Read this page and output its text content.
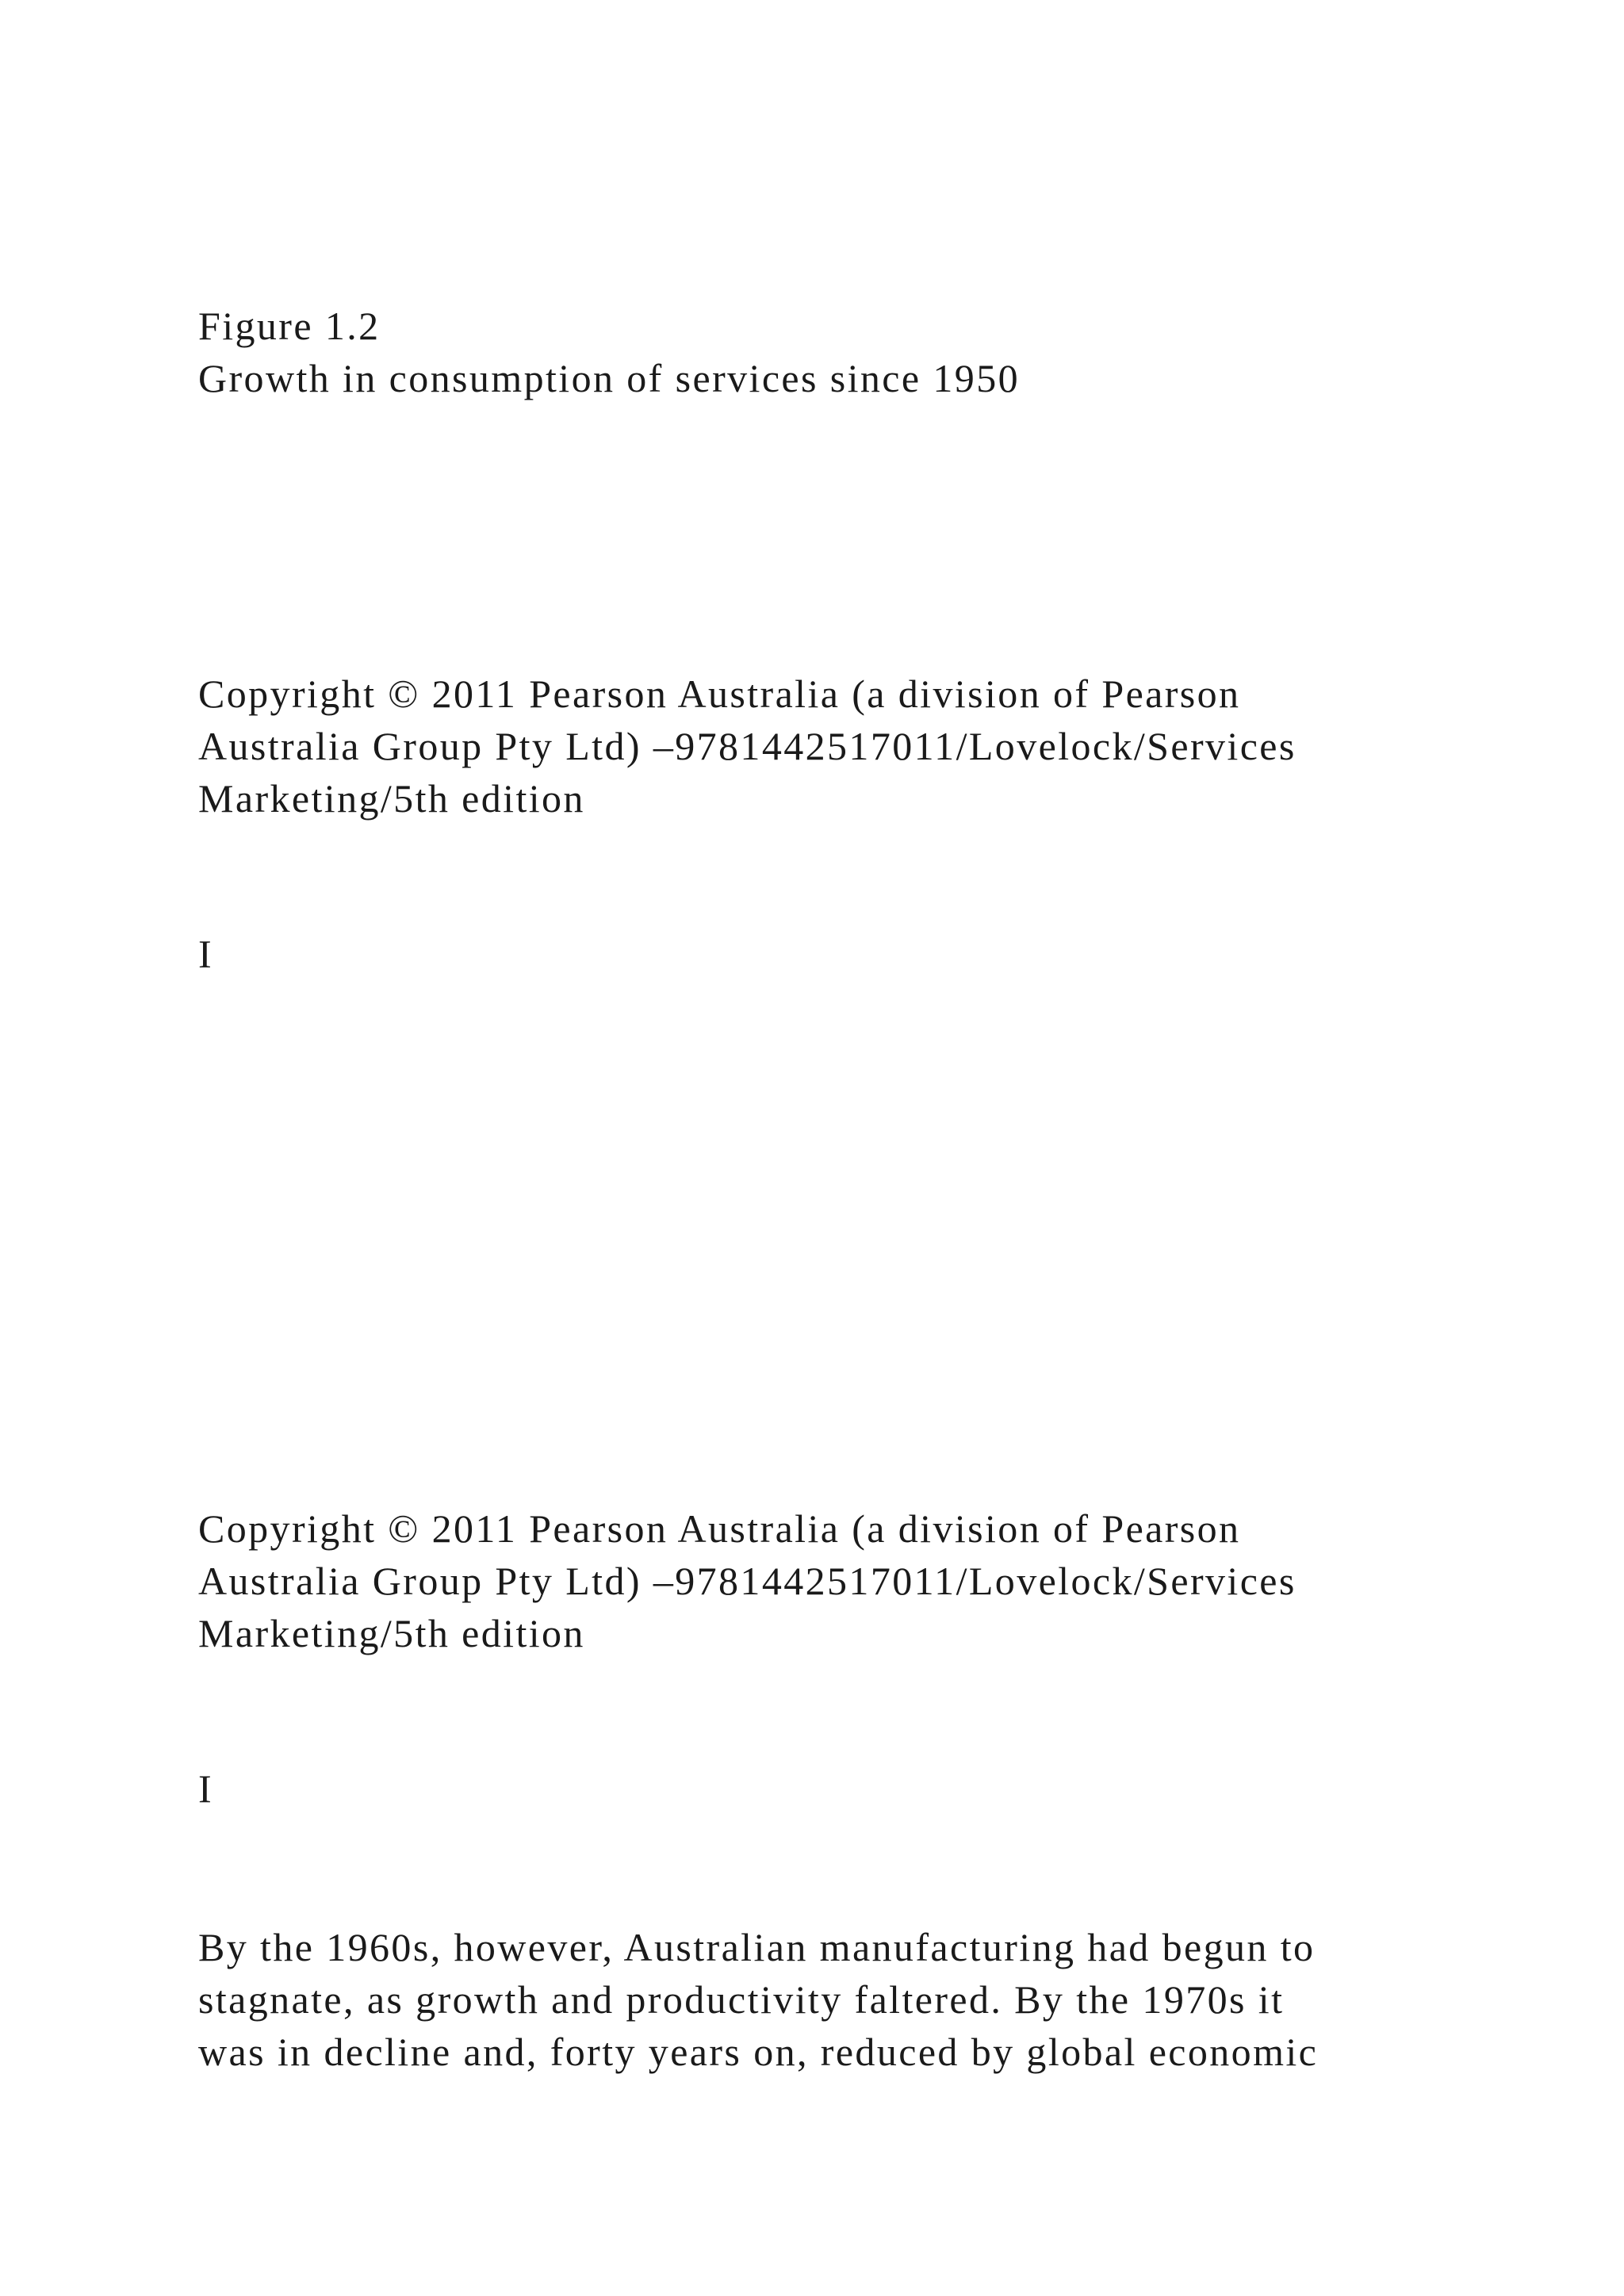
Figure 1.2
Growth in consumption of services since 1950
Copyright © 2011 Pearson Australia (a division of Pearson
Australia Group Pty Ltd) –9781442517011/Lovelock/Services
Marketing/5th edition
I
Copyright © 2011 Pearson Australia (a division of Pearson
Australia Group Pty Ltd) –9781442517011/Lovelock/Services
Marketing/5th edition
I
By the 1960s, however, Australian manufacturing had begun to
stagnate, as growth and productivity faltered. By the 1970s it
was in decline and, forty years on, reduced by global economic
